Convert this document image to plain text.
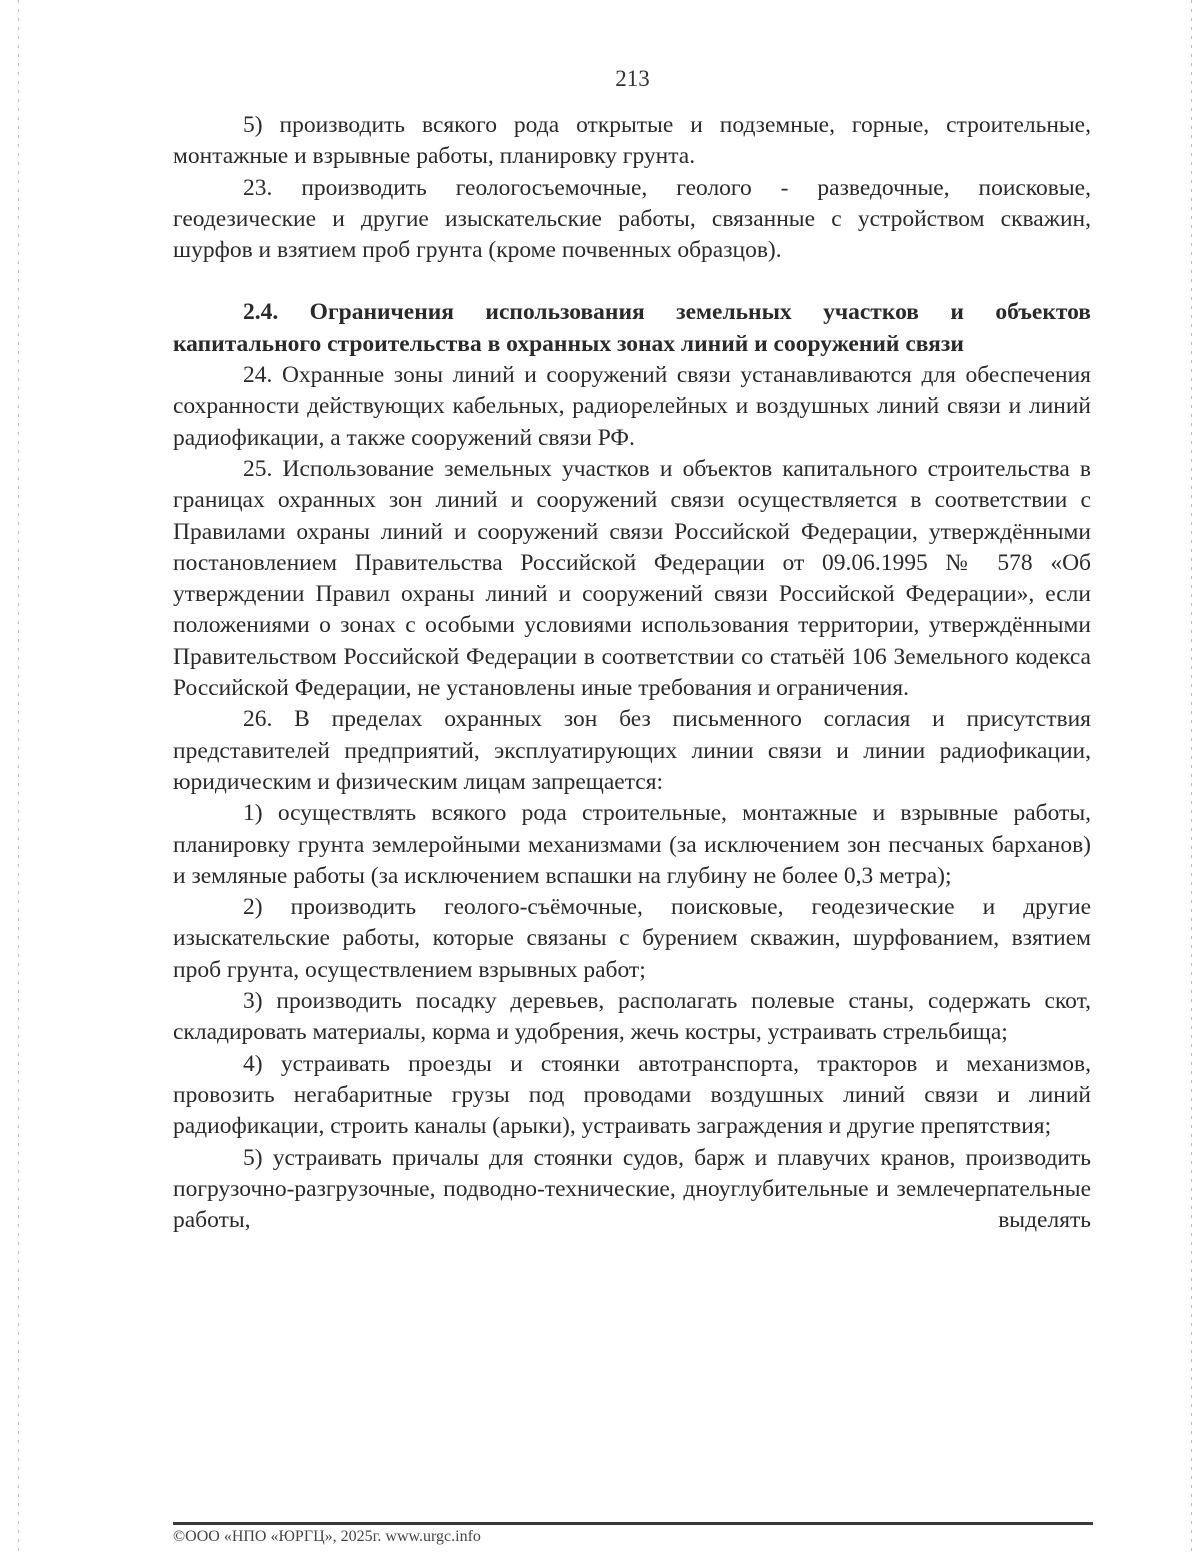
213

5) производить всякого рода открытые и подземные, горные, строительные, монтажные и взрывные работы, планировку грунта.

23. производить геологосъемочные, геолого - разведочные, поисковые, геодезические и другие изыскательские работы, связанные с устройством скважин, шурфов и взятием проб грунта (кроме почвенных образцов).

2.4. Ограничения использования земельных участков и объектов капитального строительства в охранных зонах линий и сооружений связи

24. Охранные зоны линий и сооружений связи устанавливаются для обеспечения сохранности действующих кабельных, радиорелейных и воздушных линий связи и линий радиофикации, а также сооружений связи РФ.

25. Использование земельных участков и объектов капитального строительства в границах охранных зон линий и сооружений связи осуществляется в соответствии с Правилами охраны линий и сооружений связи Российской Федерации, утверждёнными постановлением Правительства Российской Федерации от 09.06.1995 № 578 «Об утверждении Правил охраны линий и сооружений связи Российской Федерации», если положениями о зонах с особыми условиями использования территории, утверждёнными Правительством Российской Федерации в соответствии со статьёй 106 Земельного кодекса Российской Федерации, не установлены иные требования и ограничения.

26. В пределах охранных зон без письменного согласия и присутствия представителей предприятий, эксплуатирующих линии связи и линии радиофикации, юридическим и физическим лицам запрещается:

1) осуществлять всякого рода строительные, монтажные и взрывные работы, планировку грунта землеройными механизмами (за исключением зон песчаных барханов) и земляные работы (за исключением вспашки на глубину не более 0,3 метра);

2) производить геолого-съёмочные, поисковые, геодезические и другие изыскательские работы, которые связаны с бурением скважин, шурфованием, взятием проб грунта, осуществлением взрывных работ;

3) производить посадку деревьев, располагать полевые станы, содержать скот, складировать материалы, корма и удобрения, жечь костры, устраивать стрельбища;

4) устраивать проезды и стоянки автотранспорта, тракторов и механизмов, провозить негабаритные грузы под проводами воздушных линий связи и линий радиофикации, строить каналы (арыки), устраивать заграждения и другие препятствия;

5) устраивать причалы для стоянки судов, барж и плавучих кранов, производить погрузочно-разгрузочные, подводно-технические, дноуглубительные и землечерпательные работы, выделять

©ООО «НПО «ЮРГЦ», 2025г. www.urgc.info
